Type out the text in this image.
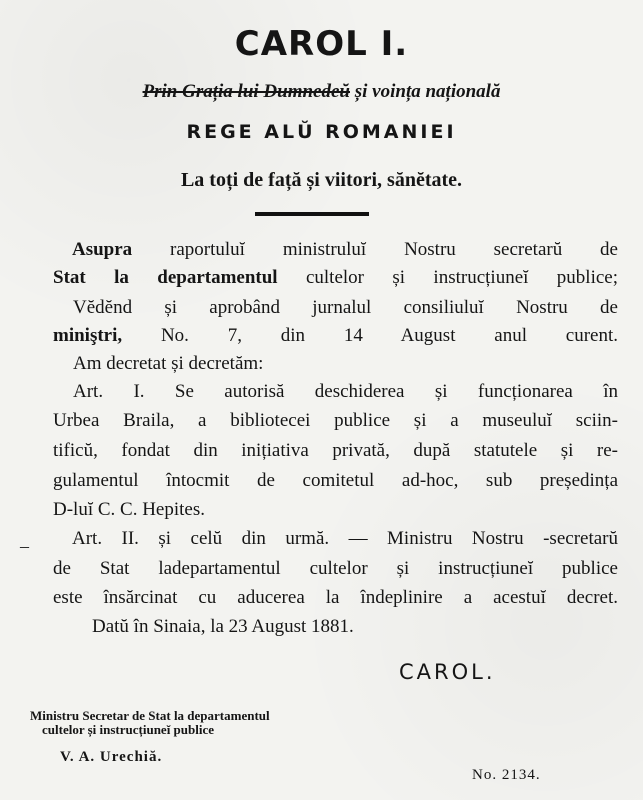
CAROL I.
Prin Grația lui Dumnedeŭ și voința națională
REGE ALŬ ROMANIEI
La toți de față și viitori, sănĕtate.
Asupra raportuluĭ ministruluĭ Nostru secretarŭ de
Stat la departamentul cultelor și instrucțiuneĭ publice;
Vĕdĕnd și aprobând jurnalul consiliuluĭ Nostru de
miniştri, No. 7, din 14 August anul curent.
Am decretat și decretăm:
Art. I. Se autorisă deschiderea și funcționarea în
Urbea Braila, a bibliotecei publice și a museuluĭ sciin-
tificŭ, fondat din inițiativa privată, după statutele și re-
gulamentul întocmit de comitetul ad-hoc, sub președința
D-luĭ C. C. Hepites.
– Art. II. și celŭ din urmă. — Ministru Nostru -secretarŭ
de Stat ladepartamentul cultelor și instrucțiuneĭ publice
este însărcinat cu aducerea la îndeplinire a acestuĭ decret.
Datŭ în Sinaia, la 23 August 1881.
CAROL.
Ministru Secretar de Stat la departamentul
cultelor și instrucțiuneĭ publice
V. A. Urechiă.
No. 2134.
